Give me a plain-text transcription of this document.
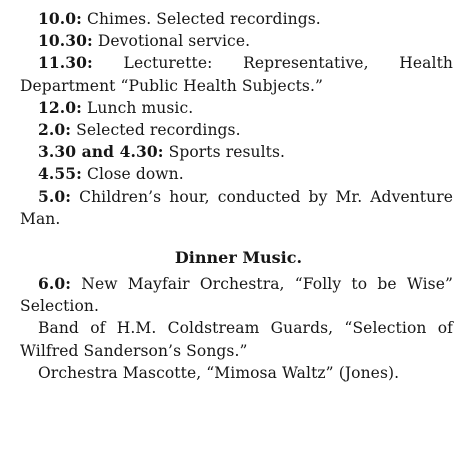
10.0: Chimes. Selected recordings.

10.30: Devotional service.

11.30: Lecturette: Representative, Health Department “Public Health Subjects.”

12.0: Lunch music.

2.0: Selected recordings.

3.30 and 4.30: Sports results.

4.55: Close down.

5.0: Children’s hour, conducted by Mr. Adventure Man.

Dinner Music.

6.0: New Mayfair Orchestra, “Folly to be Wise” Selection.

Band of H.M. Coldstream Guards, “Selection of Wilfred Sanderson’s Songs.”

Orchestra Mascotte, “Mimosa Waltz” (Jones).
